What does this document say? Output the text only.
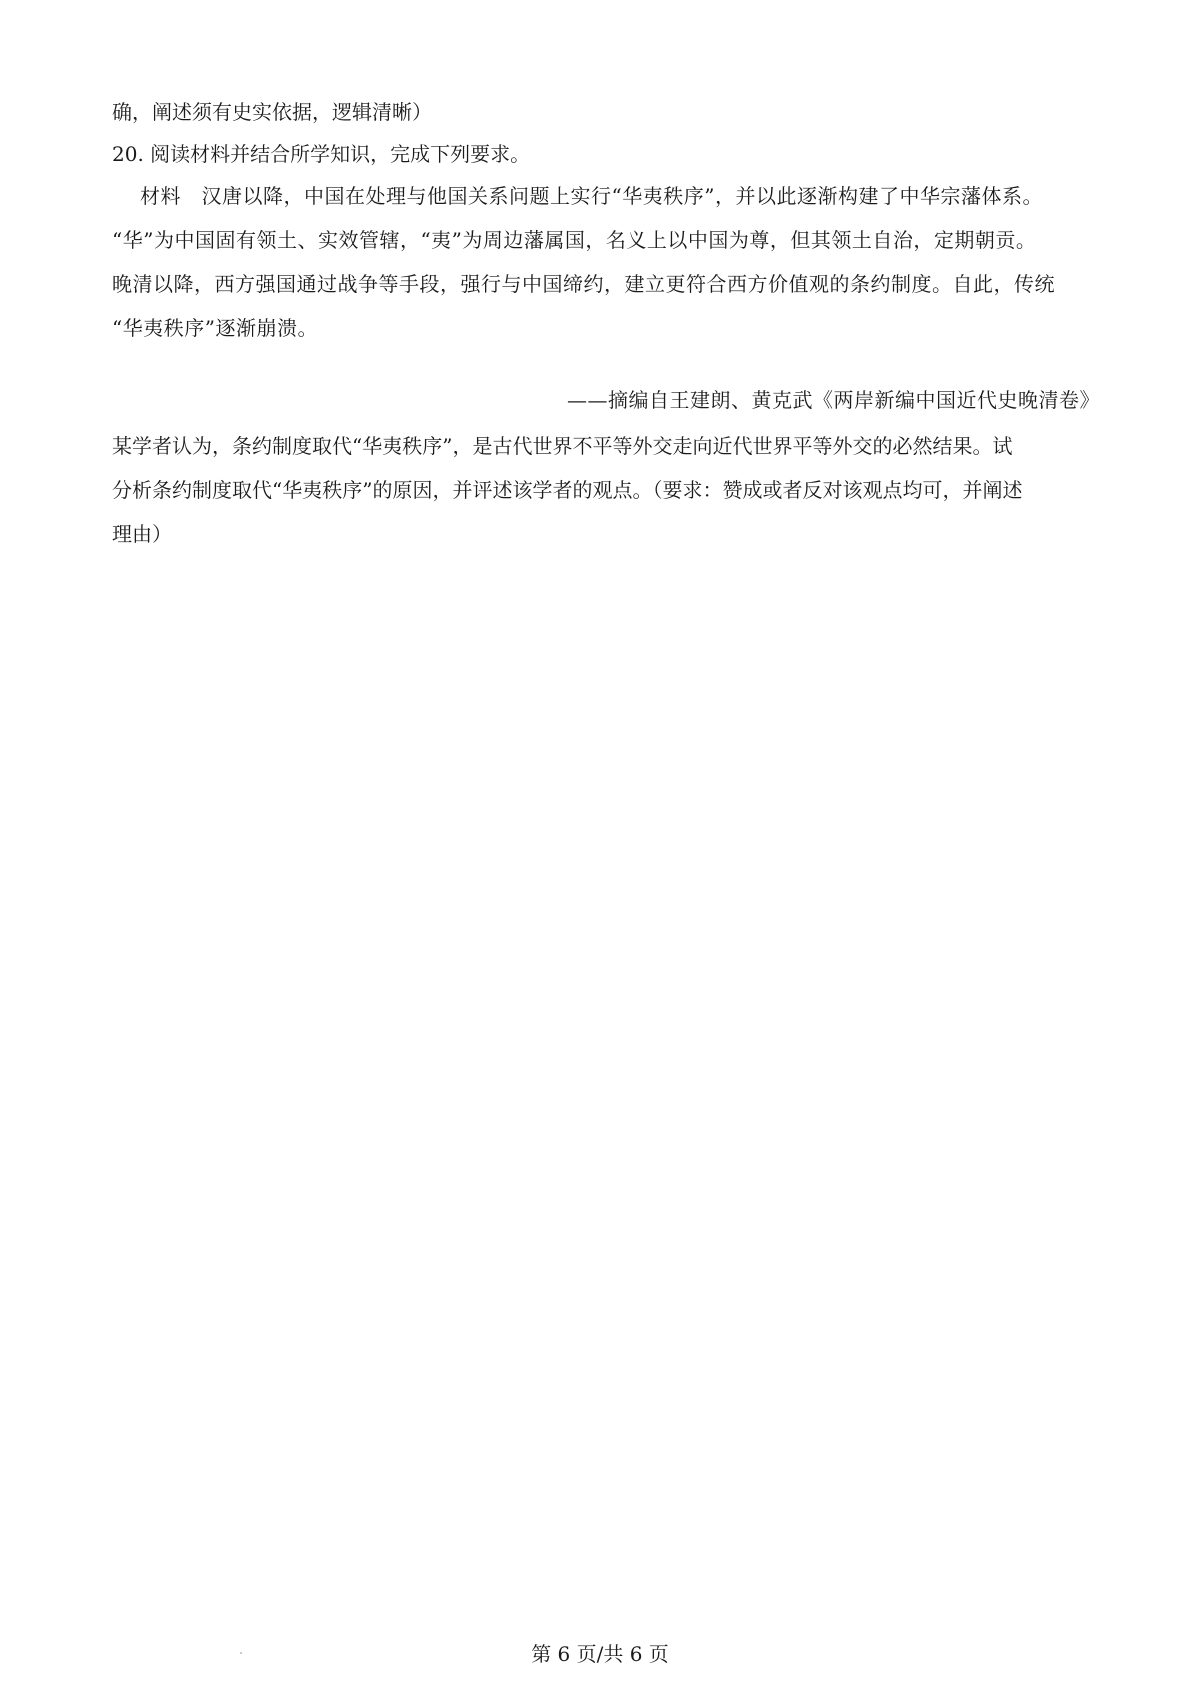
确，阐述须有史实依据，逻辑清晰）
20. 阅读材料并结合所学知识，完成下列要求。
材料　汉唐以降，中国在处理与他国关系问题上实行“华夷秩序”，并以此逐渐构建了中华宗藩体系。
“华”为中国固有领土、实效管辖，“夷”为周边藩属国，名义上以中国为尊，但其领土自治，定期朝贡。
晚清以降，西方强国通过战争等手段，强行与中国缔约，建立更符合西方价值观的条约制度。自此，传统
“华夷秩序”逐渐崩溃。
——摘编自王建朗、黄克武《两岸新编中国近代史晚清卷》
某学者认为，条约制度取代“华夷秩序”，是古代世界不平等外交走向近代世界平等外交的必然结果。试
分析条约制度取代“华夷秩序”的原因，并评述该学者的观点。（要求：赞成或者反对该观点均可，并阐述
理由）
第 6 页/共 6 页
